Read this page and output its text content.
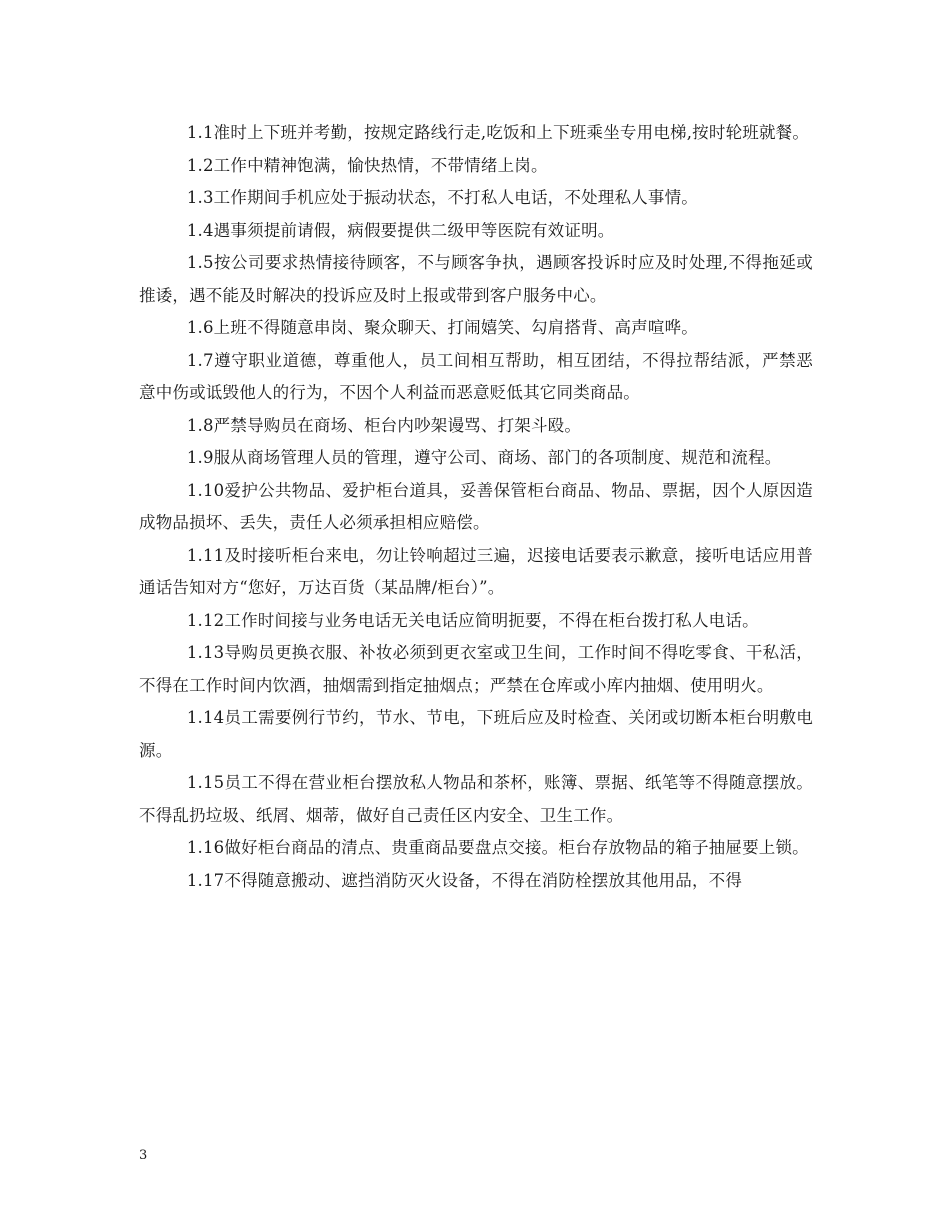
1.1准时上下班并考勤，按规定路线行走,吃饭和上下班乘坐专用电梯,按时轮班就餐。

1.2工作中精神饱满，愉快热情，不带情绪上岗。

1.3工作期间手机应处于振动状态，不打私人电话，不处理私人事情。

1.4遇事须提前请假，病假要提供二级甲等医院有效证明。

1.5按公司要求热情接待顾客，不与顾客争执，遇顾客投诉时应及时处理,不得拖延或推诿，遇不能及时解决的投诉应及时上报或带到客户服务中心。

1.6上班不得随意串岗、聚众聊天、打闹嬉笑、勾肩搭背、高声喧哗。

1.7遵守职业道德，尊重他人，员工间相互帮助，相互团结，不得拉帮结派，严禁恶意中伤或诋毁他人的行为，不因个人利益而恶意贬低其它同类商品。

1.8严禁导购员在商场、柜台内吵架谩骂、打架斗殴。

1.9服从商场管理人员的管理，遵守公司、商场、部门的各项制度、规范和流程。

1.10爱护公共物品、爱护柜台道具，妥善保管柜台商品、物品、票据，因个人原因造成物品损坏、丢失，责任人必须承担相应赔偿。

1.11及时接听柜台来电，勿让铃响超过三遍，迟接电话要表示歉意，接听电话应用普通话告知对方“您好，万达百货（某品牌/柜台）”。

1.12工作时间接与业务电话无关电话应简明扼要，不得在柜台拨打私人电话。

1.13导购员更换衣服、补妆必须到更衣室或卫生间，工作时间不得吃零食、干私活，不得在工作时间内饮酒，抽烟需到指定抽烟点；严禁在仓库或小库内抽烟、使用明火。

1.14员工需要例行节约，节水、节电，下班后应及时检查、关闭或切断本柜台明敷电源。

1.15员工不得在营业柜台摆放私人物品和茶杯，账簿、票据、纸笔等不得随意摆放。不得乱扔垃圾、纸屑、烟蒂，做好自己责任区内安全、卫生工作。

1.16做好柜台商品的清点、贵重商品要盘点交接。柜台存放物品的箱子抽屉要上锁。

1.17不得随意搬动、遮挡消防灭火设备，不得在消防栓摆放其他用品，不得

3
